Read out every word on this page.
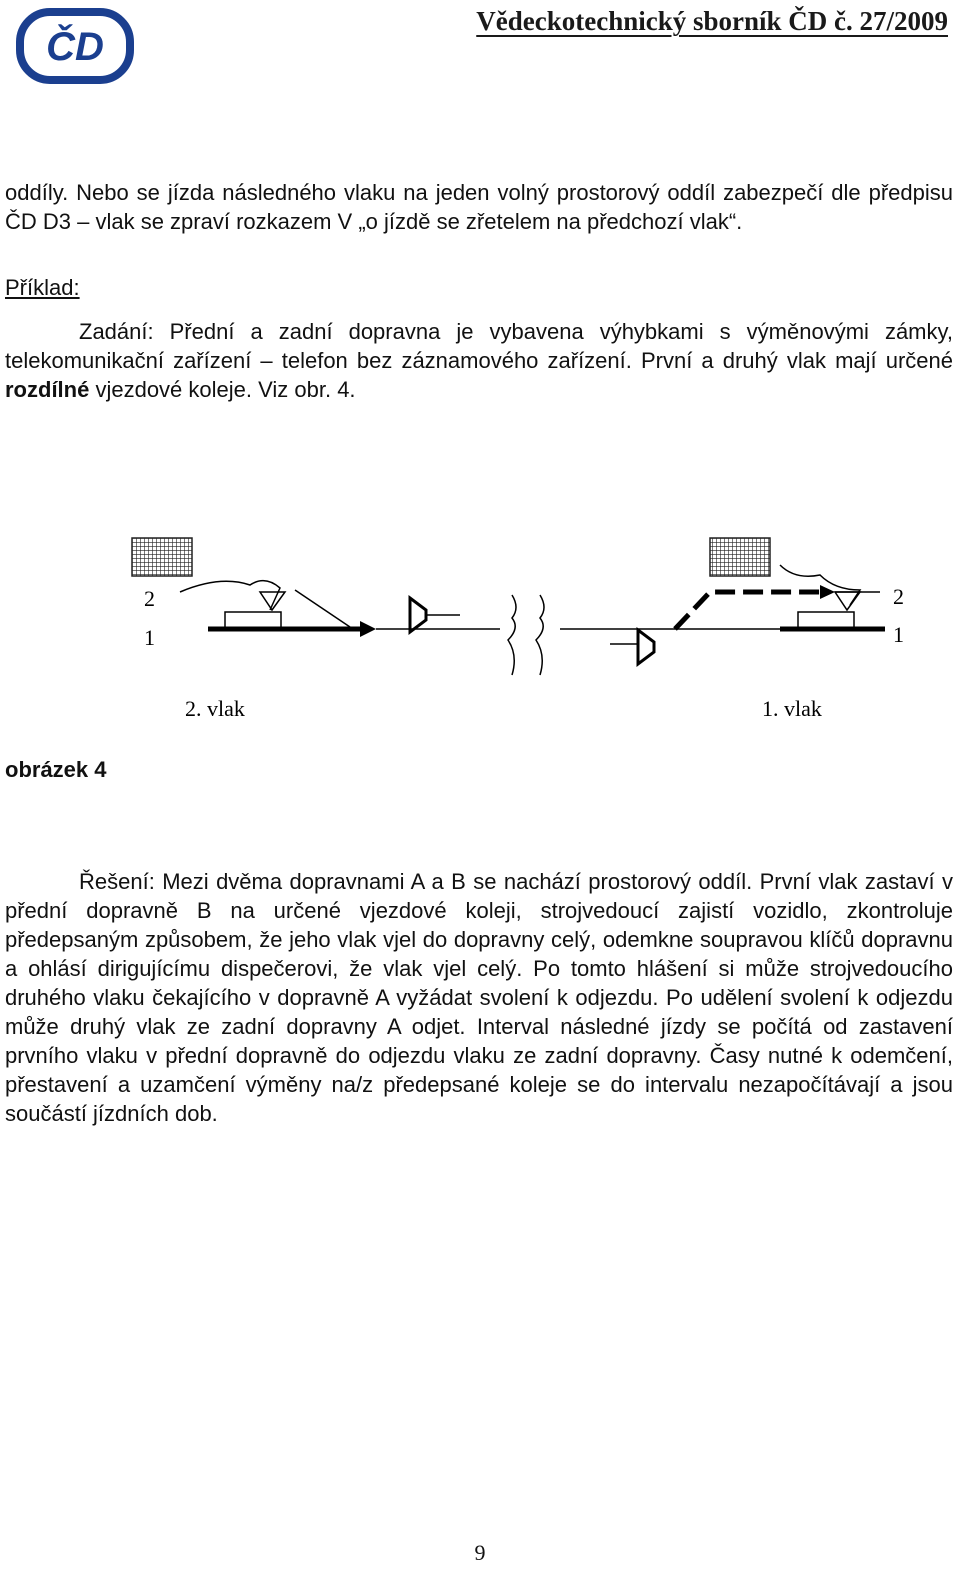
ČD
Vědeckotechnický sborník ČD č. 27/2009
oddíly. Nebo se jízda následného vlaku na jeden volný prostorový oddíl zabezpečí dle předpisu ČD D3 – vlak se zpraví rozkazem V „o jízdě se zřetelem na předchozí vlak“.
Příklad:
Zadání: Přední a zadní dopravna je vybavena výhybkami s výměnovými zámky, telekomunikační zařízení – telefon bez záznamového zařízení. První a druhý vlak mají určené rozdílné vjezdové koleje. Viz obr. 4.
2
1
2
1
2. vlak	1. vlak
obrázek 4
Řešení: Mezi dvěma dopravnami A a B se nachází prostorový oddíl. První vlak zastaví v přední dopravně B na určené vjezdové koleji, strojvedoucí zajistí vozidlo, zkontroluje předepsaným způsobem, že jeho vlak vjel do dopravny celý, odemkne soupravou klíčů dopravnu a ohlásí dirigujícímu dispečerovi, že vlak vjel celý. Po tomto hlášení si může strojvedoucího druhého vlaku čekajícího v dopravně A vyžádat svolení k odjezdu. Po udělení svolení k odjezdu může druhý vlak ze zadní dopravny A odjet. Interval následné jízdy se počítá od zastavení prvního vlaku v přední dopravně do odjezdu vlaku ze zadní dopravny. Časy nutné k odemčení, přestavení a uzamčení výměny na/z předepsané koleje se do intervalu nezapočítávají a jsou součástí jízdních dob.
9
